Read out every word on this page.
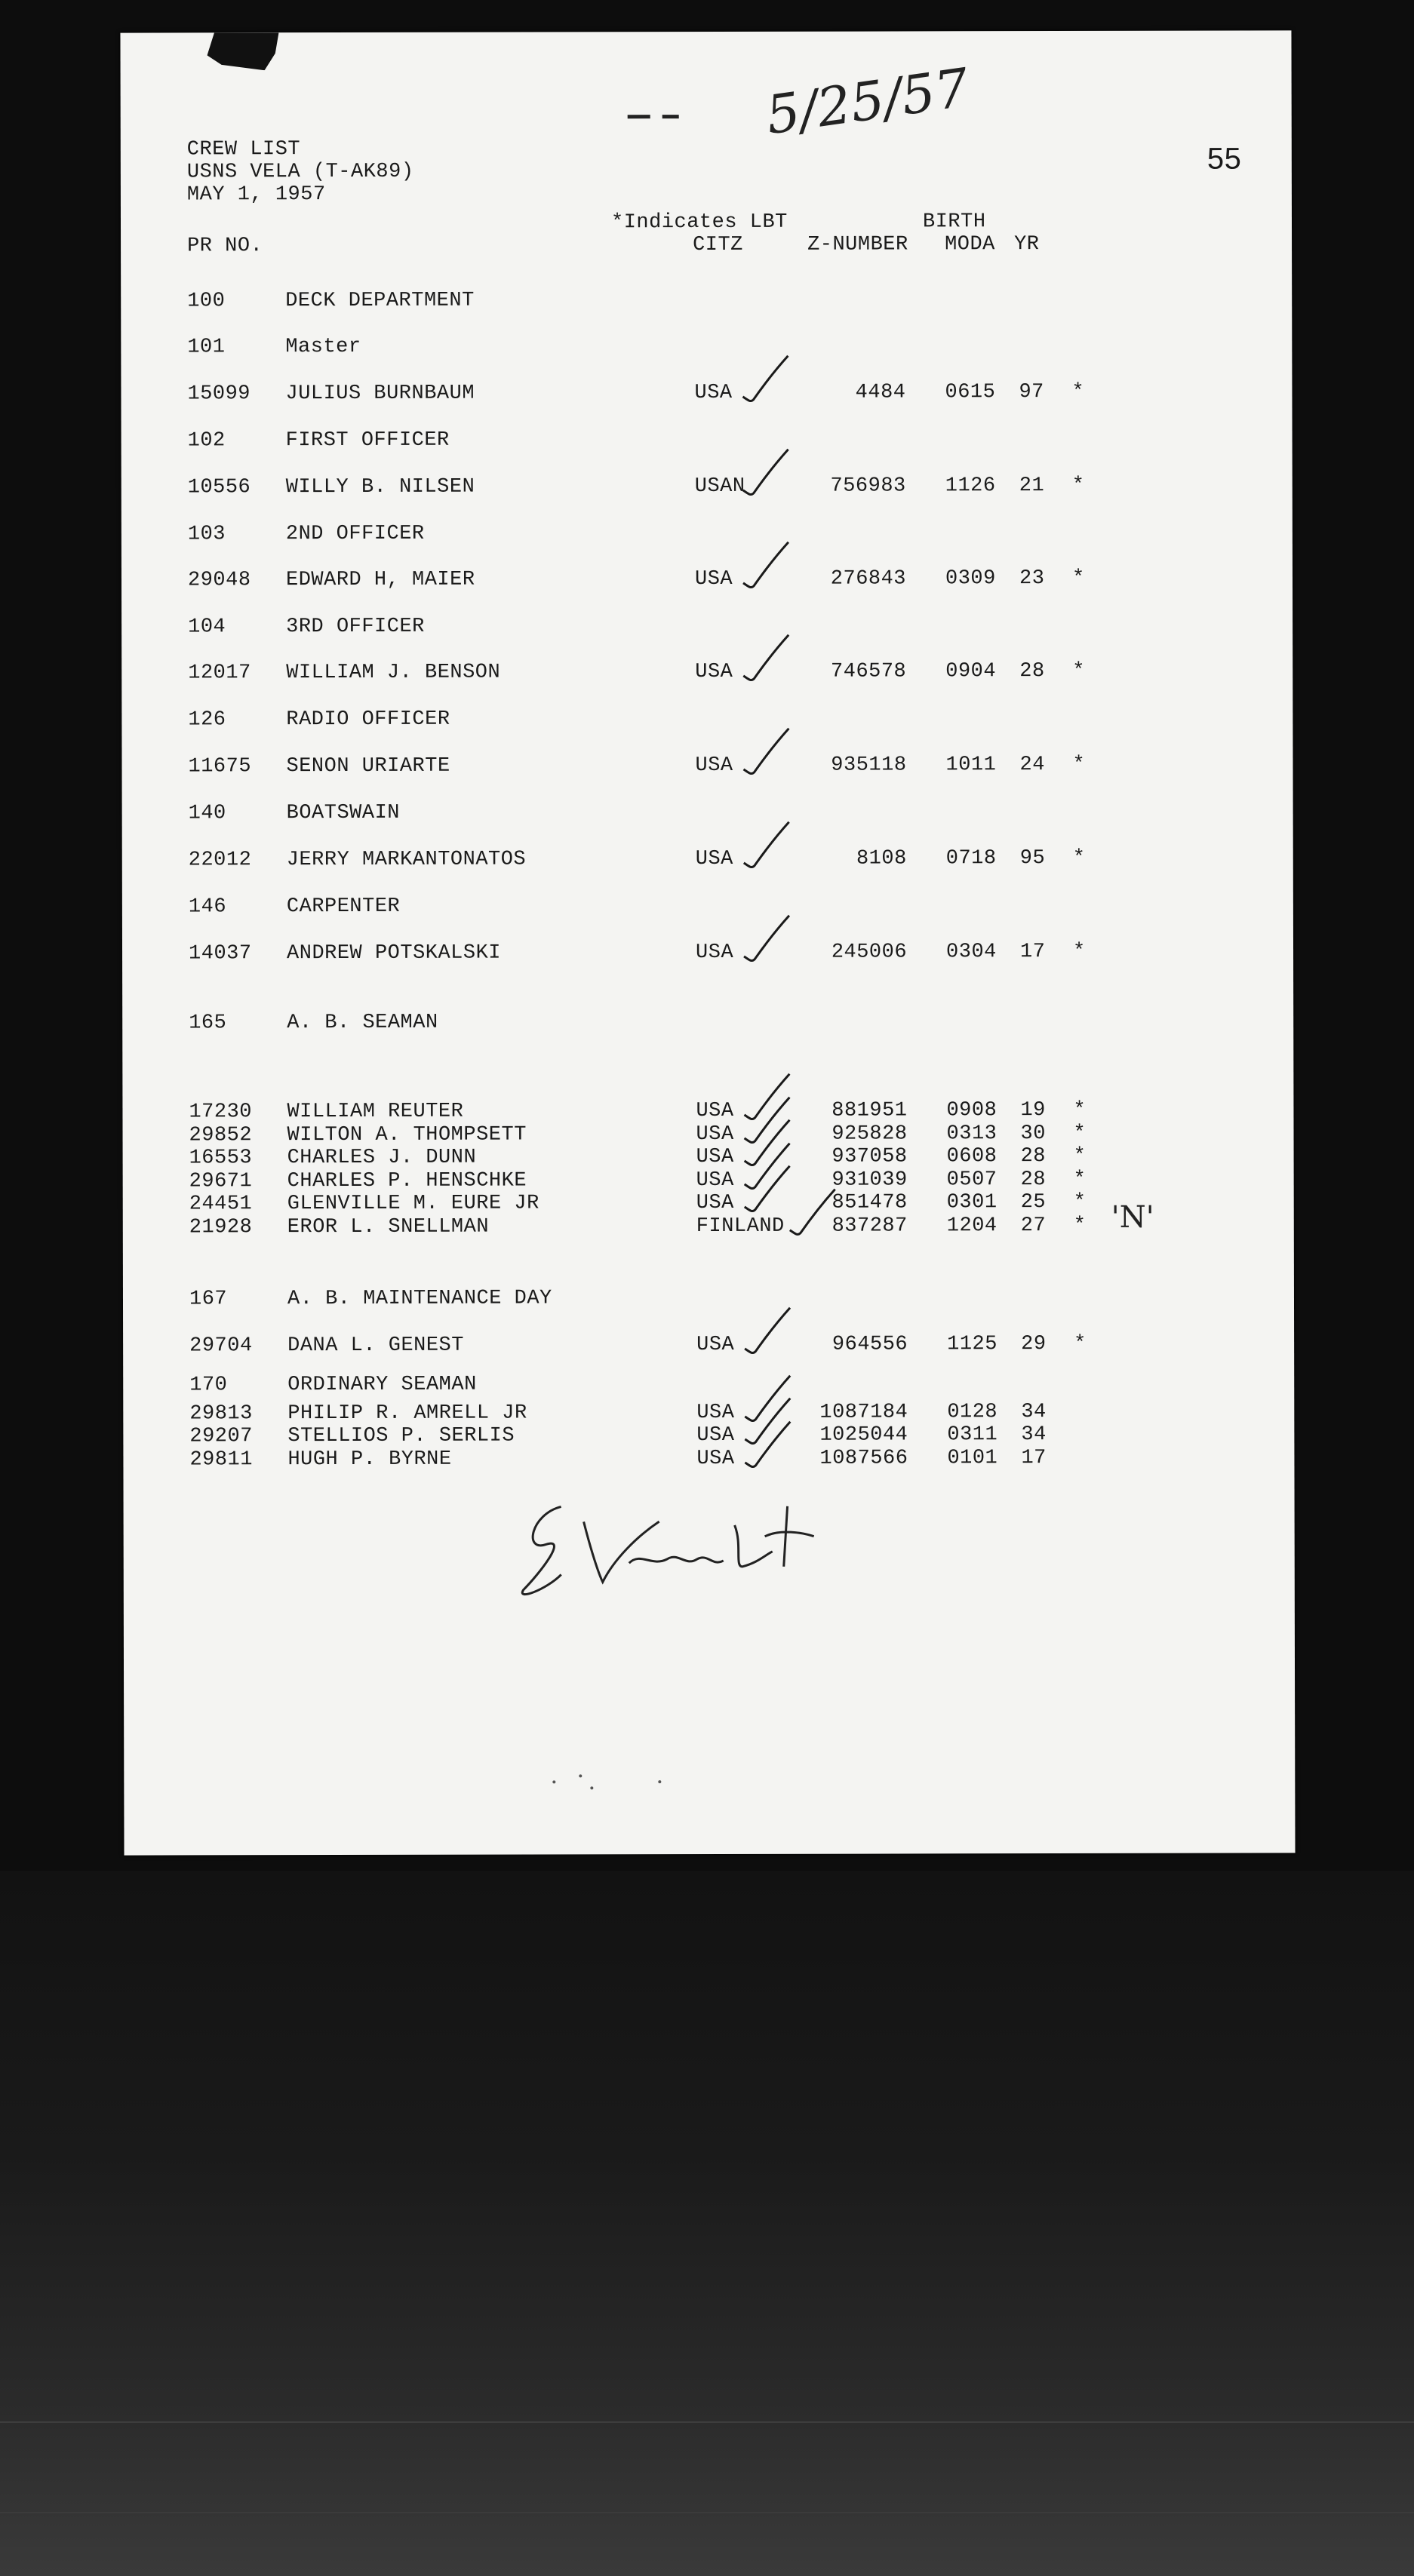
5/25/57
55
CREW LIST
USNS VELA (T-AK89)
MAY 1, 1957
*Indicates LBT	BIRTH
PR NO.	CITZ	Z-NUMBER MODA YR
100	DECK DEPARTMENT
101	Master
15099 JULIUS BURNBAUM	USA	4484 0615 97 *
102	FIRST OFFICER
10556 WILLY B. NILSEN	USAN	756983 1126 21 *
103	2ND OFFICER
29048 EDWARD H, MAIER	USA	276843 0309 23 *
104	3RD OFFICER
12017 WILLIAM J. BENSON	USA	746578 0904 28 *
126	RADIO OFFICER
11675 SENON URIARTE	USA	935118 1011 24 *
140	BOATSWAIN
22012 JERRY MARKANTONATOS	USA	8108 0718 95 *
146	CARPENTER
14037 ANDREW POTSKALSKI	USA	245006 0304 17 *
165	A. B. SEAMAN
17230 WILLIAM REUTER	USA	881951 0908 19 *
29852 WILTON A. THOMPSETT	USA	925828 0313 30 *
16553 CHARLES J. DUNN	USA	937058 0608 28 *
29671 CHARLES P. HENSCHKE	USA	931039 0507 28 *
24451 GLENVILLE M. EURE JR	USA	851478 0301 25 *
21928 EROR L. SNELLMAN	FINLAND	837287 1204 27 *
167	A. B. MAINTENANCE DAY
29704 DANA L. GENEST	USA	964556 1125 29 *
170	ORDINARY SEAMAN
29813 PHILIP R. AMRELL JR	USA	1087184 0128 34
29207 STELLIOS P. SERLIS	USA	1025044 0311 34
29811 HUGH P. BYRNE	USA	1087566 0101 17
'N'
